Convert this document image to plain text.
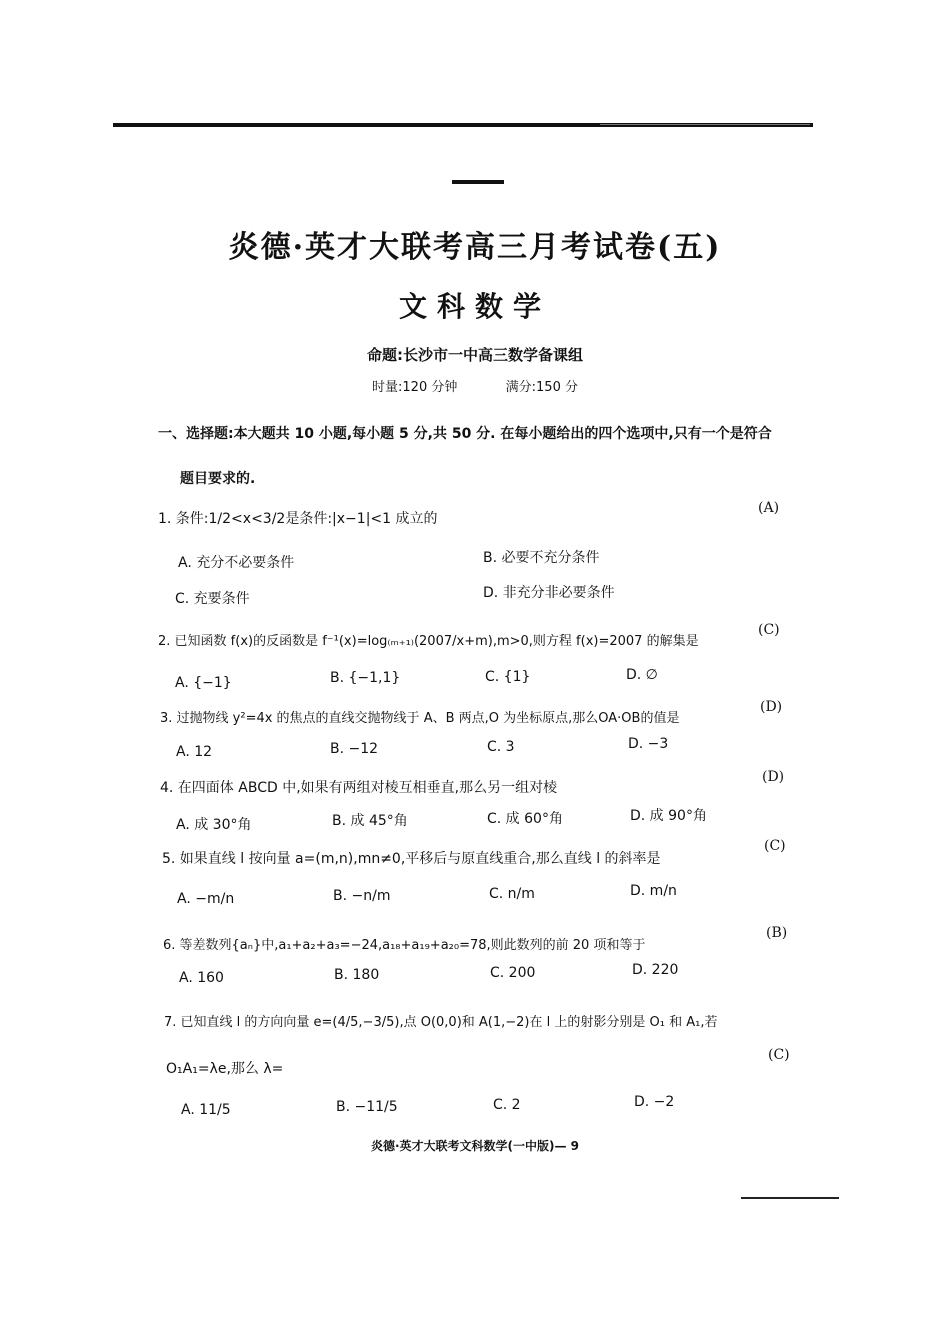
炎德·英才大联考高三月考试卷(五)
文科数学
命题:长沙市一中高三数学备课组
时量:120 分钟	满分:150 分
一、选择题:本大题共 10 小题,每小题 5 分,共 50 分. 在每小题给出的四个选项中,只有一个是符合
题目要求的.
1. 条件:1/2<x<3/2是条件:|x−1|<1 成立的
(A)
A. 充分不必要条件	B. 必要不充分条件
C. 充要条件	D. 非充分非必要条件
2. 已知函数 f(x)的反函数是 f⁻¹(x)=log₍ₘ₊₁₎(2007/x+m),m>0,则方程 f(x)=2007 的解集是
(C)
A. {−1}	B. {−1,1}	C. {1}	D. ∅
3. 过抛物线 y²=4x 的焦点的直线交抛物线于 A、B 两点,O 为坐标原点,那么OA·OB的值是
(D)
A. 12	B. −12	C. 3	D. −3
4. 在四面体 ABCD 中,如果有两组对棱互相垂直,那么另一组对棱
(D)
A. 成 30°角	B. 成 45°角	C. 成 60°角	D. 成 90°角
5. 如果直线 l 按向量 a=(m,n),mn≠0,平移后与原直线重合,那么直线 l 的斜率是
(C)
A. −m/n	B. −n/m	C. n/m	D. m/n
6. 等差数列{aₙ}中,a₁+a₂+a₃=−24,a₁₈+a₁₉+a₂₀=78,则此数列的前 20 项和等于
(B)
A. 160	B. 180	C. 200	D. 220
7. 已知直线 l 的方向向量 e=(4/5,−3/5),点 O(0,0)和 A(1,−2)在 l 上的射影分别是 O₁ 和 A₁,若
O₁A₁=λe,那么 λ=
(C)
A. 11/5	B. −11/5	C. 2	D. −2
炎德·英才大联考文科数学(一中版)— 9
